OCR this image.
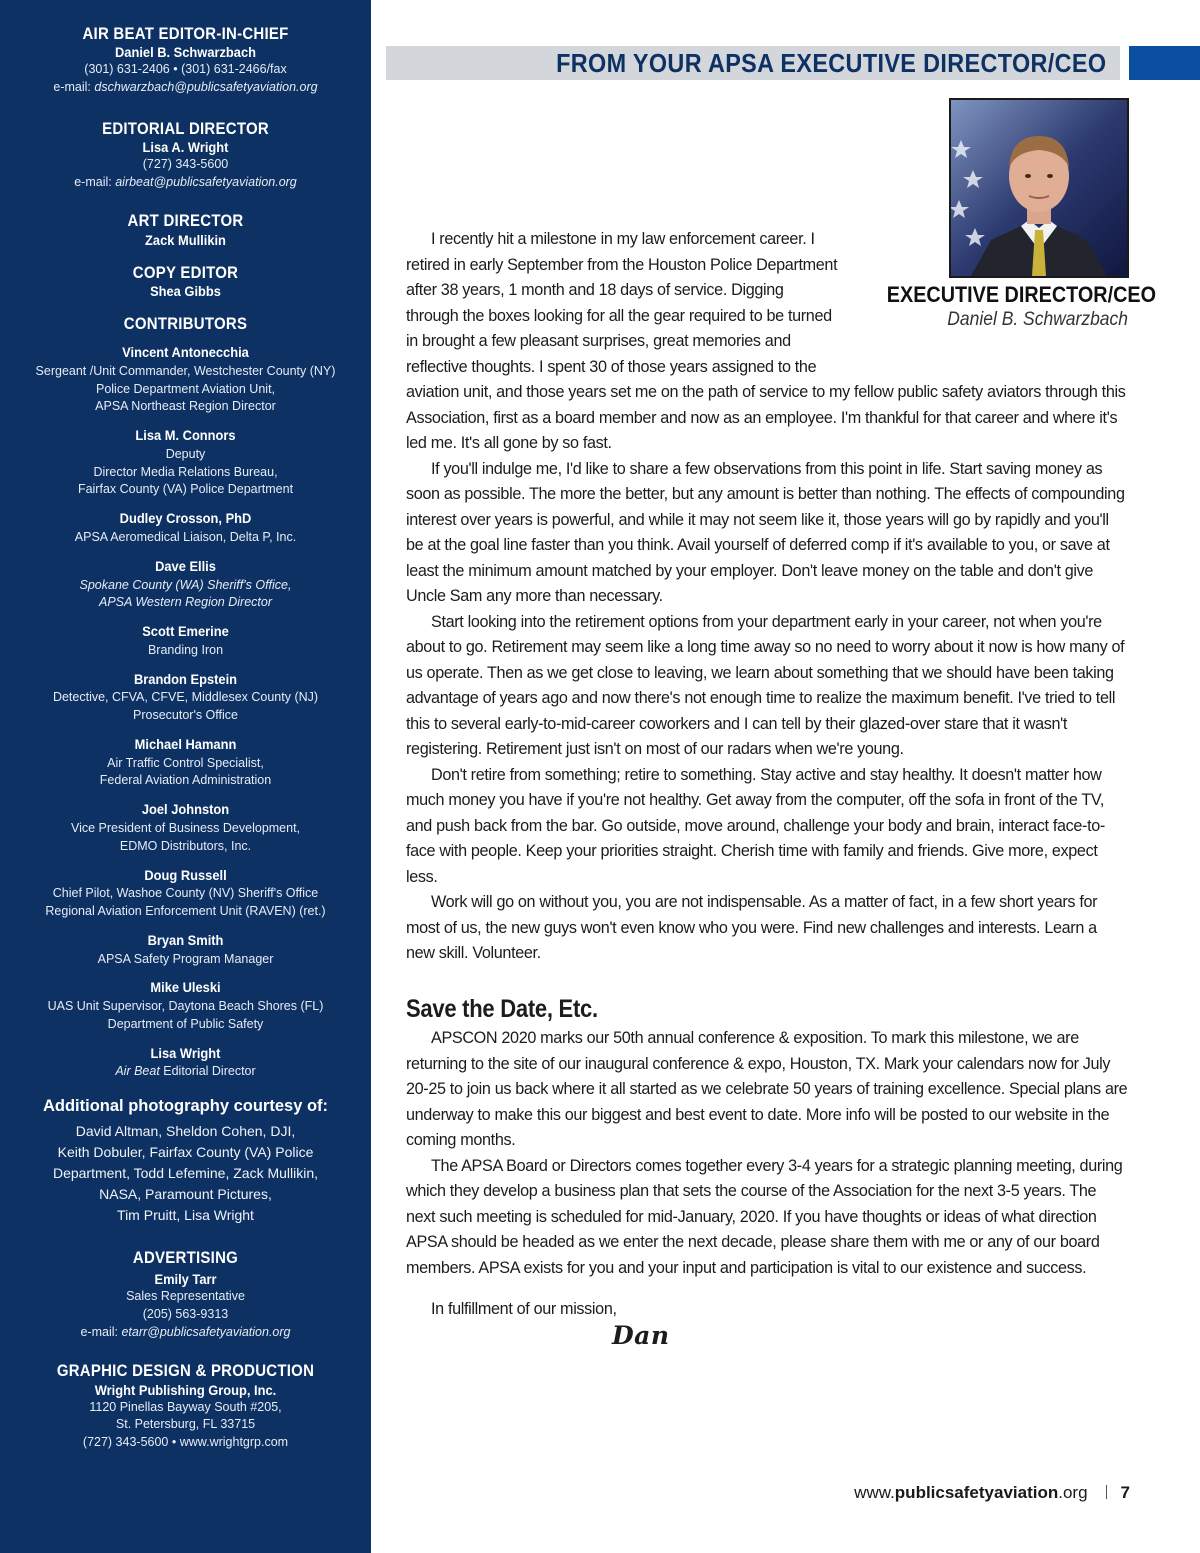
AIR BEAT EDITOR-IN-CHIEF
Daniel B. Schwarzbach
(301) 631-2406 • (301) 631-2466/fax
e-mail: dschwarzbach@publicsafetyaviation.org
EDITORIAL DIRECTOR
Lisa A. Wright
(727) 343-5600
e-mail: airbeat@publicsafetyaviation.org
ART DIRECTOR
Zack Mullikin
COPY EDITOR
Shea Gibbs
CONTRIBUTORS
Vincent Antonecchia
Sergeant /Unit Commander, Westchester County (NY)
Police Department Aviation Unit,
APSA Northeast Region Director
Lisa M. Connors
Deputy
Director Media Relations Bureau,
Fairfax County (VA) Police Department
Dudley Crosson, PhD
APSA Aeromedical Liaison, Delta P, Inc.
Dave Ellis
Spokane County (WA) Sheriff's Office,
APSA Western Region Director
Scott Emerine
Branding Iron
Brandon Epstein
Detective, CFVA, CFVE, Middlesex County (NJ)
Prosecutor's Office
Michael Hamann
Air Traffic Control Specialist,
Federal Aviation Administration
Joel Johnston
Vice President of Business Development,
EDMO Distributors, Inc.
Doug Russell
Chief Pilot, Washoe County (NV) Sheriff's Office
Regional Aviation Enforcement Unit (RAVEN) (ret.)
Bryan Smith
APSA Safety Program Manager
Mike Uleski
UAS Unit Supervisor, Daytona Beach Shores (FL)
Department of Public Safety
Lisa Wright
Air Beat Editorial Director
Additional photography courtesy of:
David Altman, Sheldon Cohen, DJI,
Keith Dobuler, Fairfax County (VA) Police
Department, Todd Lefemine, Zack Mullikin,
NASA, Paramount Pictures,
Tim Pruitt, Lisa Wright
ADVERTISING
Emily Tarr
Sales Representative
(205) 563-9313
e-mail: etarr@publicsafetyaviation.org
GRAPHIC DESIGN & PRODUCTION
Wright Publishing Group, Inc.
1120 Pinellas Bayway South #205,
St. Petersburg, FL 33715
(727) 343-5600 • www.wrightgrp.com
FROM YOUR APSA EXECUTIVE DIRECTOR/CEO
EXECUTIVE DIRECTOR/CEO
Daniel B. Schwarzbach

I recently hit a milestone in my law enforcement career. I retired in early September from the Houston Police Department after 38 years, 1 month and 18 days of service. Digging through the boxes looking for all the gear required to be turned in brought a few pleasant surprises, great memories and reflective thoughts. I spent 30 of those years assigned to the aviation unit, and those years set me on the path of service to my fellow public safety aviators through this Association, first as a board member and now as an employee. I'm thankful for that career and where it's led me. It's all gone by so fast.

If you'll indulge me, I'd like to share a few observations from this point in life. Start saving money as soon as possible. The more the better, but any amount is better than nothing. The effects of compounding interest over years is powerful, and while it may not seem like it, those years will go by rapidly and you'll be at the goal line faster than you think. Avail yourself of deferred comp if it's available to you, or save at least the minimum amount matched by your employer. Don't leave money on the table and don't give Uncle Sam any more than necessary.

Start looking into the retirement options from your department early in your career, not when you're about to go. Retirement may seem like a long time away so no need to worry about it now is how many of us operate. Then as we get close to leaving, we learn about something that we should have been taking advantage of years ago and now there's not enough time to realize the maximum benefit. I've tried to tell this to several early-to-mid-career coworkers and I can tell by their glazed-over stare that it wasn't registering. Retirement just isn't on most of our radars when we're young.

Don't retire from something; retire to something. Stay active and stay healthy. It doesn't matter how much money you have if you're not healthy. Get away from the computer, off the sofa in front of the TV, and push back from the bar. Go outside, move around, challenge your body and brain, interact face-to-face with people. Keep your priorities straight. Cherish time with family and friends. Give more, expect less.

Work will go on without you, you are not indispensable. As a matter of fact, in a few short years for most of us, the new guys won't even know who you were. Find new challenges and interests. Learn a new skill. Volunteer.

Save the Date, Etc.

APSCON 2020 marks our 50th annual conference & exposition. To mark this milestone, we are returning to the site of our inaugural conference & expo, Houston, TX. Mark your calendars now for July 20-25 to join us back where it all started as we celebrate 50 years of training excellence. Special plans are underway to make this our biggest and best event to date. More info will be posted to our website in the coming months.

The APSA Board or Directors comes together every 3-4 years for a strategic planning meeting, during which they develop a business plan that sets the course of the Association for the next 3-5 years. The next such meeting is scheduled for mid-January, 2020. If you have thoughts or ideas of what direction APSA should be headed as we enter the next decade, please share them with me or any of our board members. APSA exists for you and your input and participation is vital to our existence and success.

In fulfillment of our mission,

Dan
www.publicsafetyaviation.org 7
